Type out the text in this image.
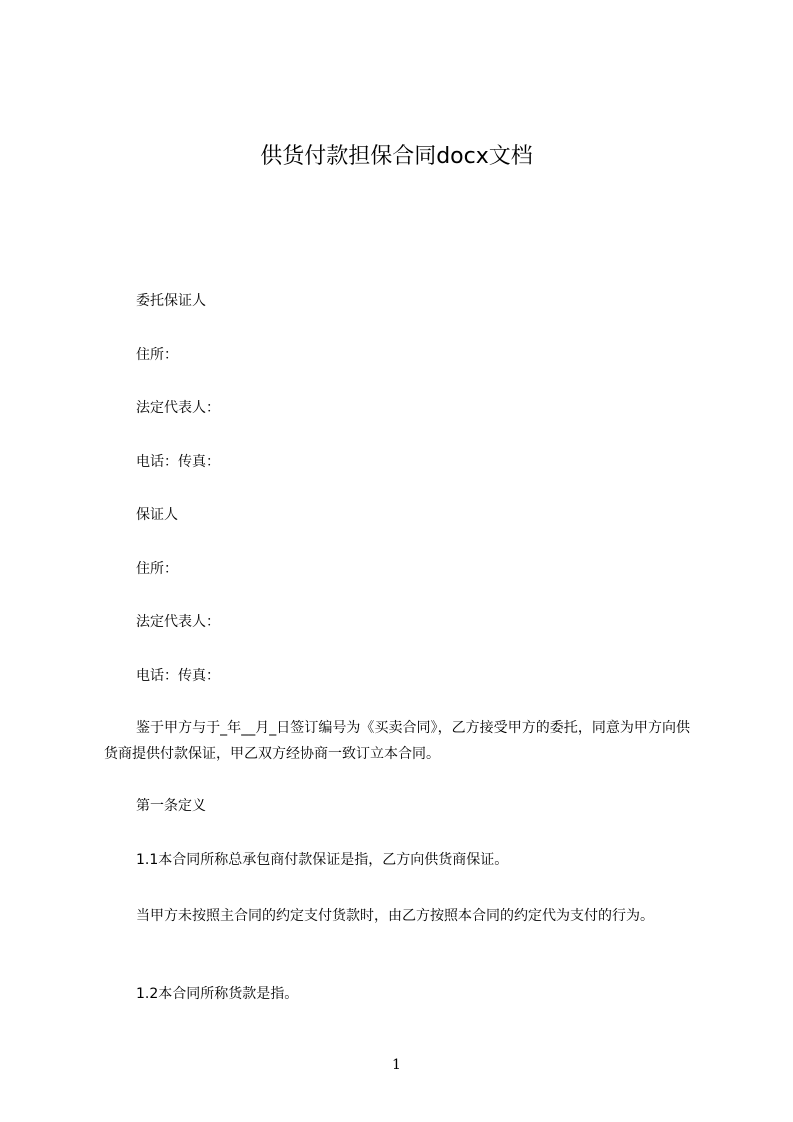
供货付款担保合同docx文档

委托保证人

住所：

法定代表人：

电话：传真：

保证人

住所：

法定代表人：

电话：传真：

鉴于甲方与于_年__月_日签订编号为《买卖合同》，乙方接受甲方的委托，同意为甲方向供货商提供付款保证，甲乙双方经协商一致订立本合同。

第一条定义

1.1本合同所称总承包商付款保证是指，乙方向供货商保证。

当甲方未按照主合同的约定支付货款时，由乙方按照本合同的约定代为支付的行为。

1.2本合同所称货款是指。

1
